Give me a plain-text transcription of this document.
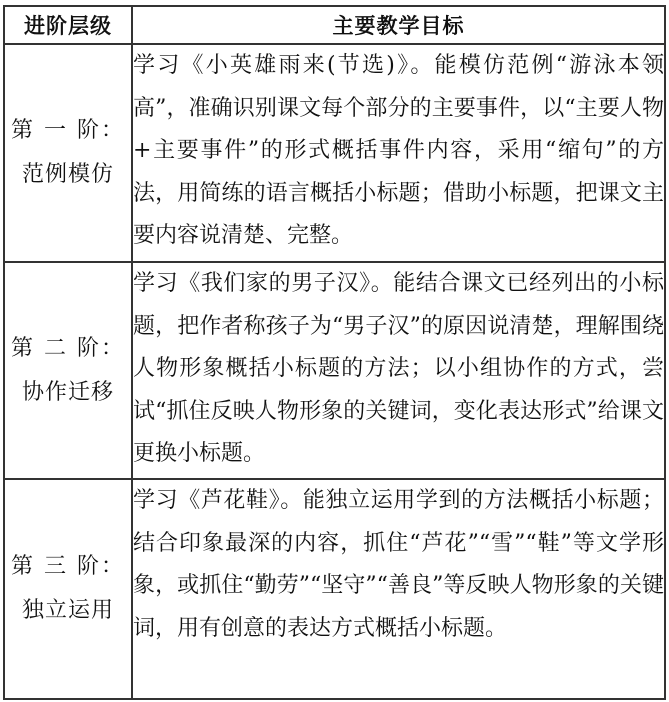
进阶层级	主要教学目标

第 一 阶：
范例模仿	学习《小英雄雨来(节选)》。能模仿范例“游泳本领高”，准确识别课文每个部分的主要事件，以“主要人物+主要事件”的形式概括事件内容，采用“缩句”的方法，用简练的语言概括小标题；借助小标题，把课文主要内容说清楚、完整。

第 二 阶：
协作迁移	学习《我们家的男子汉》。能结合课文已经列出的小标题，把作者称孩子为“男子汉”的原因说清楚，理解围绕人物形象概括小标题的方法；以小组协作的方式，尝试“抓住反映人物形象的关键词，变化表达形式”给课文更换小标题。

第 三 阶：
独立运用	学习《芦花鞋》。能独立运用学到的方法概括小标题；结合印象最深的内容，抓住“芦花”“雪”“鞋”等文学形象，或抓住“勤劳”“坚守”“善良”等反映人物形象的关键词，用有创意的表达方式概括小标题。
